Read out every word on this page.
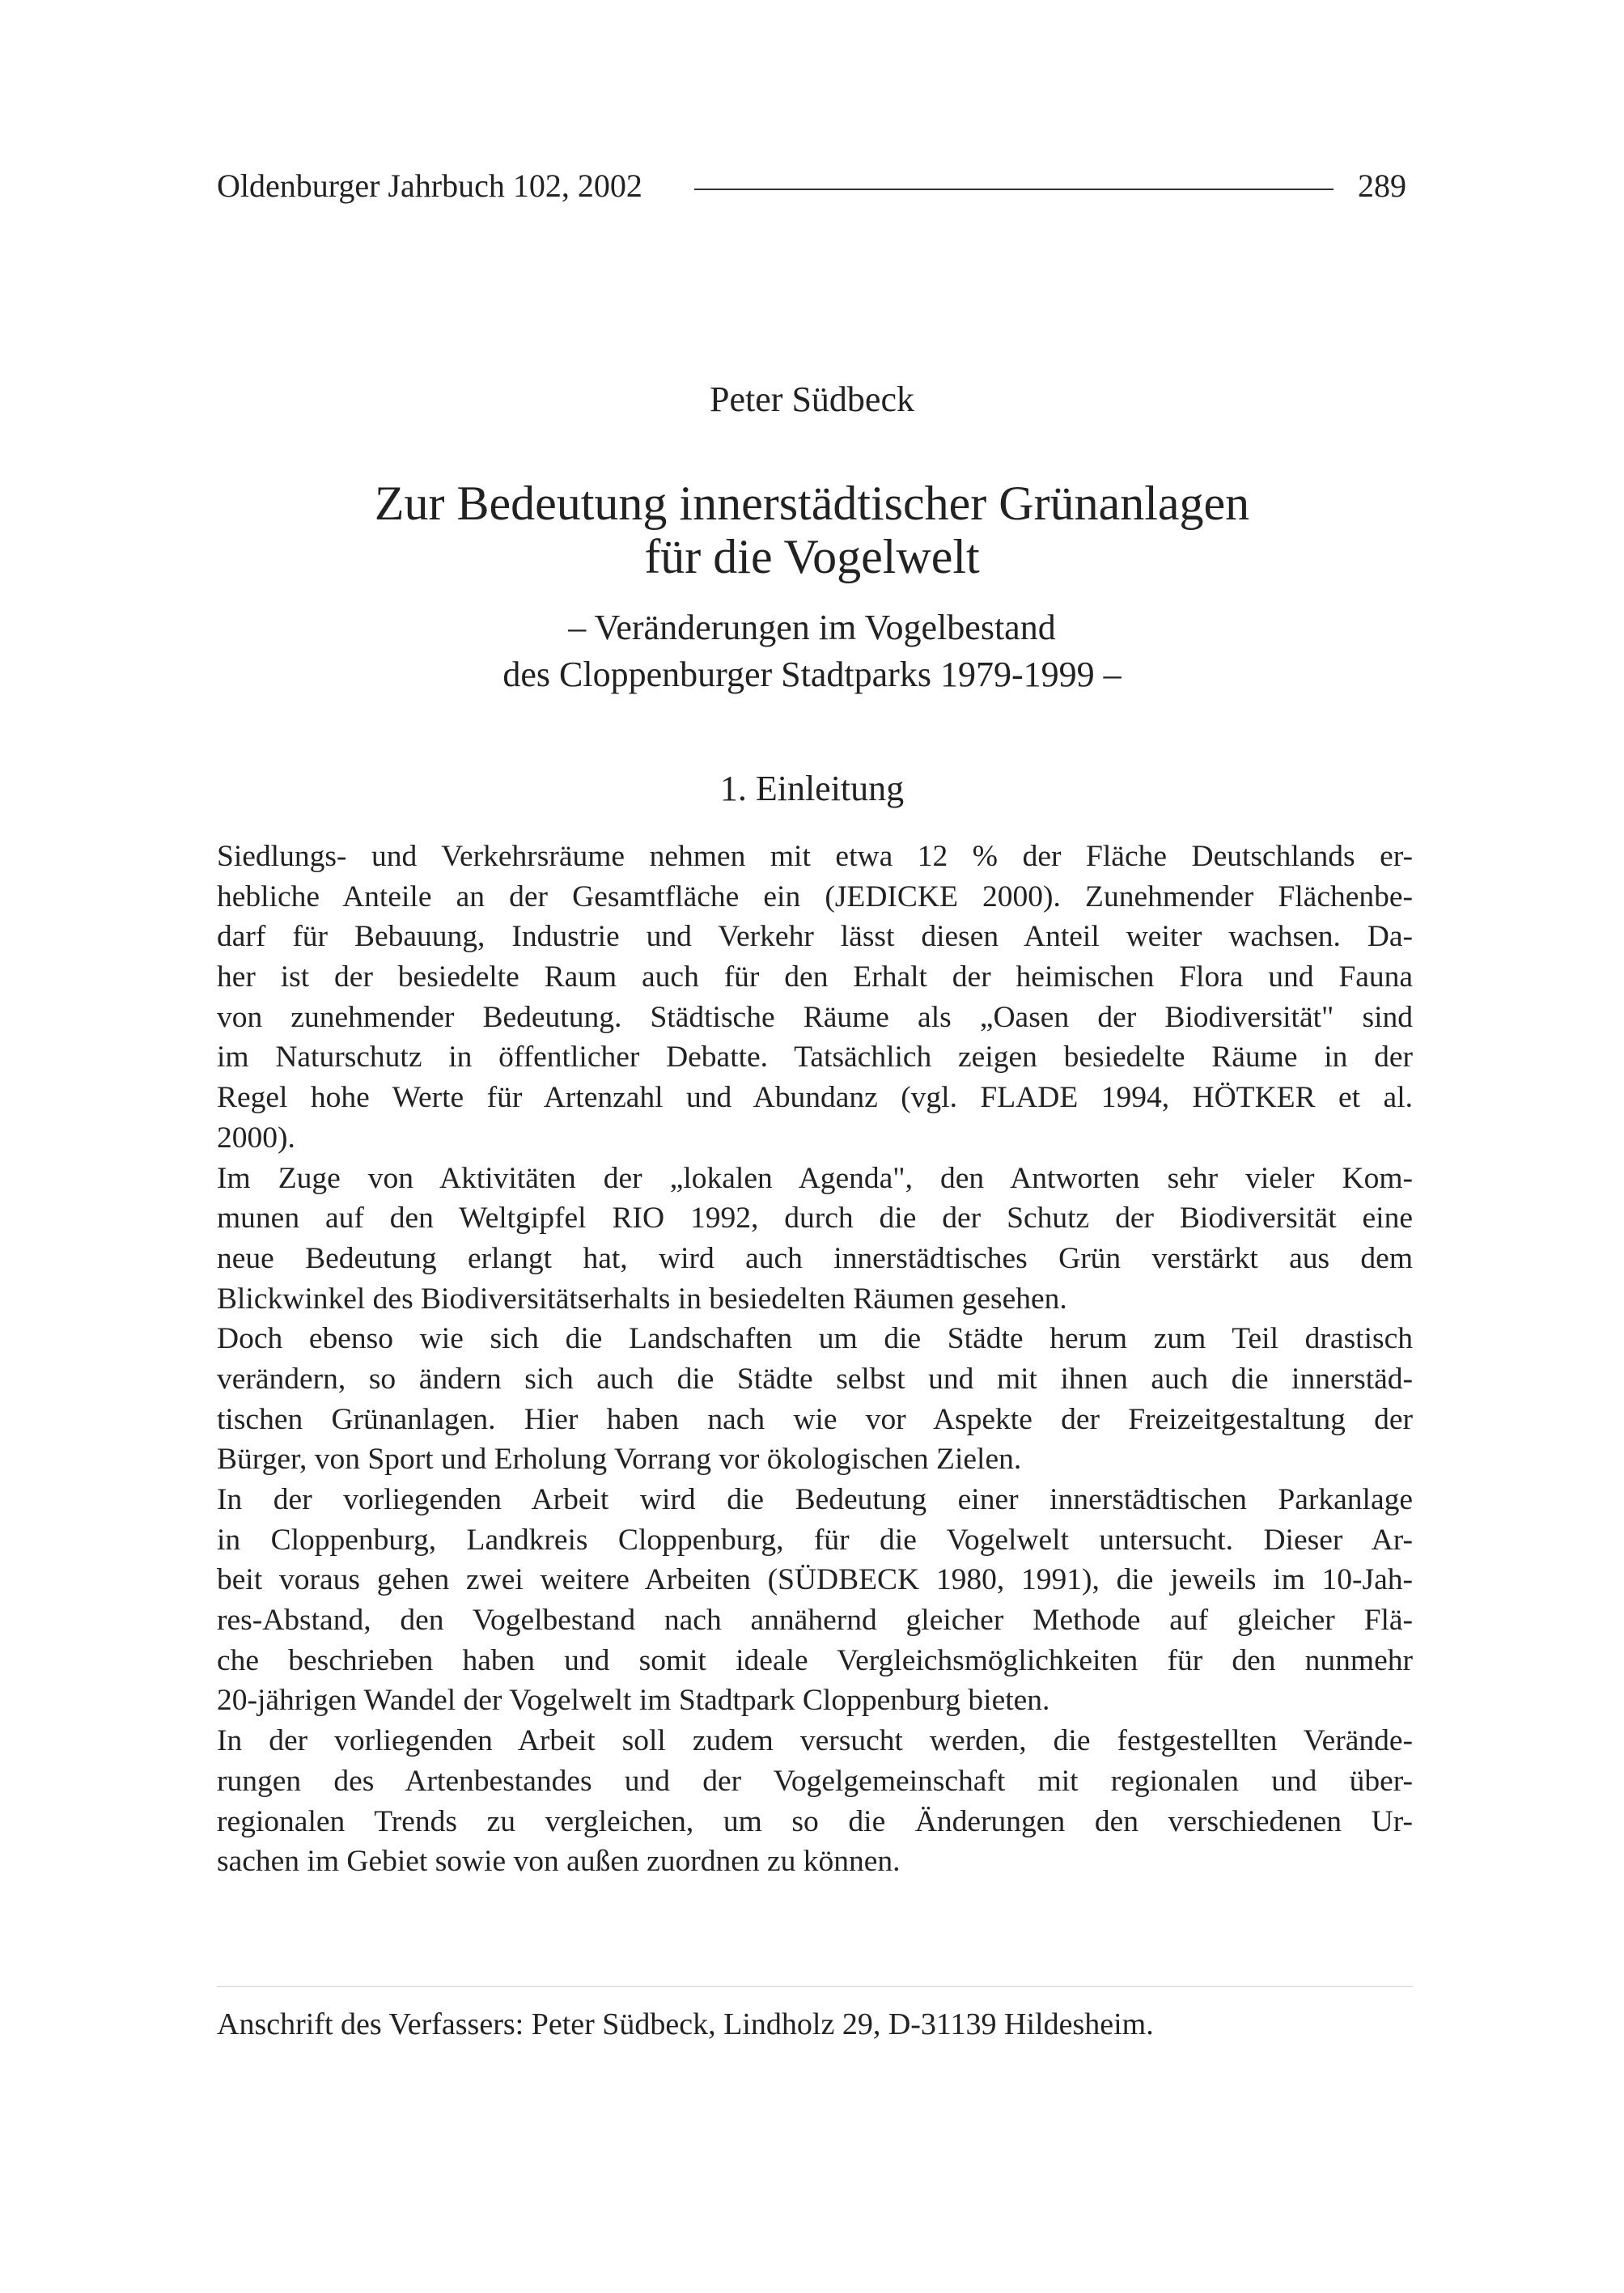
Oldenburger Jahrbuch 102, 2002	289
Peter Südbeck
Zur Bedeutung innerstädtischer Grünanlagen
für die Vogelwelt
– Veränderungen im Vogelbestand
des Cloppenburger Stadtparks 1979-1999 –
1. Einleitung
Siedlungs- und Verkehrsräume nehmen mit etwa 12 % der Fläche Deutschlands er-
hebliche Anteile an der Gesamtfläche ein (JEDICKE 2000). Zunehmender Flächenbe-
darf für Bebauung, Industrie und Verkehr lässt diesen Anteil weiter wachsen. Da-
her ist der besiedelte Raum auch für den Erhalt der heimischen Flora und Fauna
von zunehmender Bedeutung. Städtische Räume als „Oasen der Biodiversität" sind
im Naturschutz in öffentlicher Debatte. Tatsächlich zeigen besiedelte Räume in der
Regel hohe Werte für Artenzahl und Abundanz (vgl. FLADE 1994, HÖTKER et al.
2000).
Im Zuge von Aktivitäten der „lokalen Agenda", den Antworten sehr vieler Kom-
munen auf den Weltgipfel RIO 1992, durch die der Schutz der Biodiversität eine
neue Bedeutung erlangt hat, wird auch innerstädtisches Grün verstärkt aus dem
Blickwinkel des Biodiversitätserhalts in besiedelten Räumen gesehen.
Doch ebenso wie sich die Landschaften um die Städte herum zum Teil drastisch
verändern, so ändern sich auch die Städte selbst und mit ihnen auch die innerstäd-
tischen Grünanlagen. Hier haben nach wie vor Aspekte der Freizeitgestaltung der
Bürger, von Sport und Erholung Vorrang vor ökologischen Zielen.
In der vorliegenden Arbeit wird die Bedeutung einer innerstädtischen Parkanlage
in Cloppenburg, Landkreis Cloppenburg, für die Vogelwelt untersucht. Dieser Ar-
beit voraus gehen zwei weitere Arbeiten (SÜDBECK 1980, 1991), die jeweils im 10-Jah-
res-Abstand, den Vogelbestand nach annähernd gleicher Methode auf gleicher Flä-
che beschrieben haben und somit ideale Vergleichsmöglichkeiten für den nunmehr
20-jährigen Wandel der Vogelwelt im Stadtpark Cloppenburg bieten.
In der vorliegenden Arbeit soll zudem versucht werden, die festgestellten Verände-
rungen des Artenbestandes und der Vogelgemeinschaft mit regionalen und über-
regionalen Trends zu vergleichen, um so die Änderungen den verschiedenen Ur-
sachen im Gebiet sowie von außen zuordnen zu können.
Anschrift des Verfassers: Peter Südbeck, Lindholz 29, D-31139 Hildesheim.
